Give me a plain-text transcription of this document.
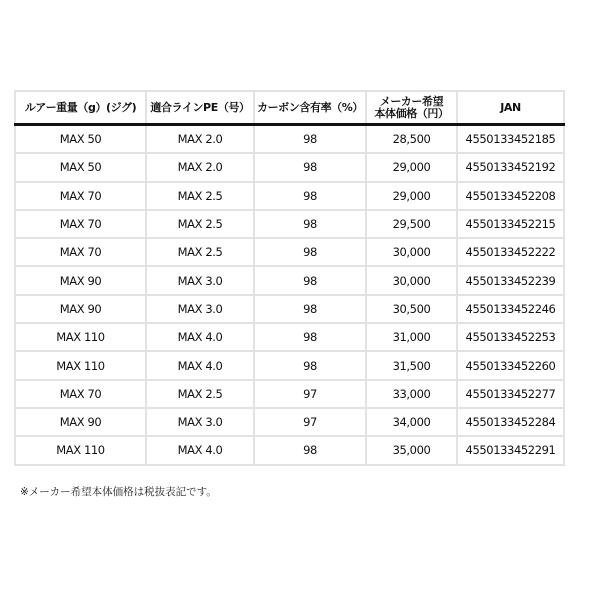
ルアー重量（g）(ジグ)	適合ラインPE（号）	カーボン含有率（%）	メーカー希望
本体価格（円）	JAN
MAX 50	MAX 2.0	98	28,500	4550133452185
MAX 50	MAX 2.0	98	29,000	4550133452192
MAX 70	MAX 2.5	98	29,000	4550133452208
MAX 70	MAX 2.5	98	29,500	4550133452215
MAX 70	MAX 2.5	98	30,000	4550133452222
MAX 90	MAX 3.0	98	30,000	4550133452239
MAX 90	MAX 3.0	98	30,500	4550133452246
MAX 110	MAX 4.0	98	31,000	4550133452253
MAX 110	MAX 4.0	98	31,500	4550133452260
MAX 70	MAX 2.5	97	33,000	4550133452277
MAX 90	MAX 3.0	97	34,000	4550133452284
MAX 110	MAX 4.0	98	35,000	4550133452291
※メーカー希望本体価格は税抜表記です。
